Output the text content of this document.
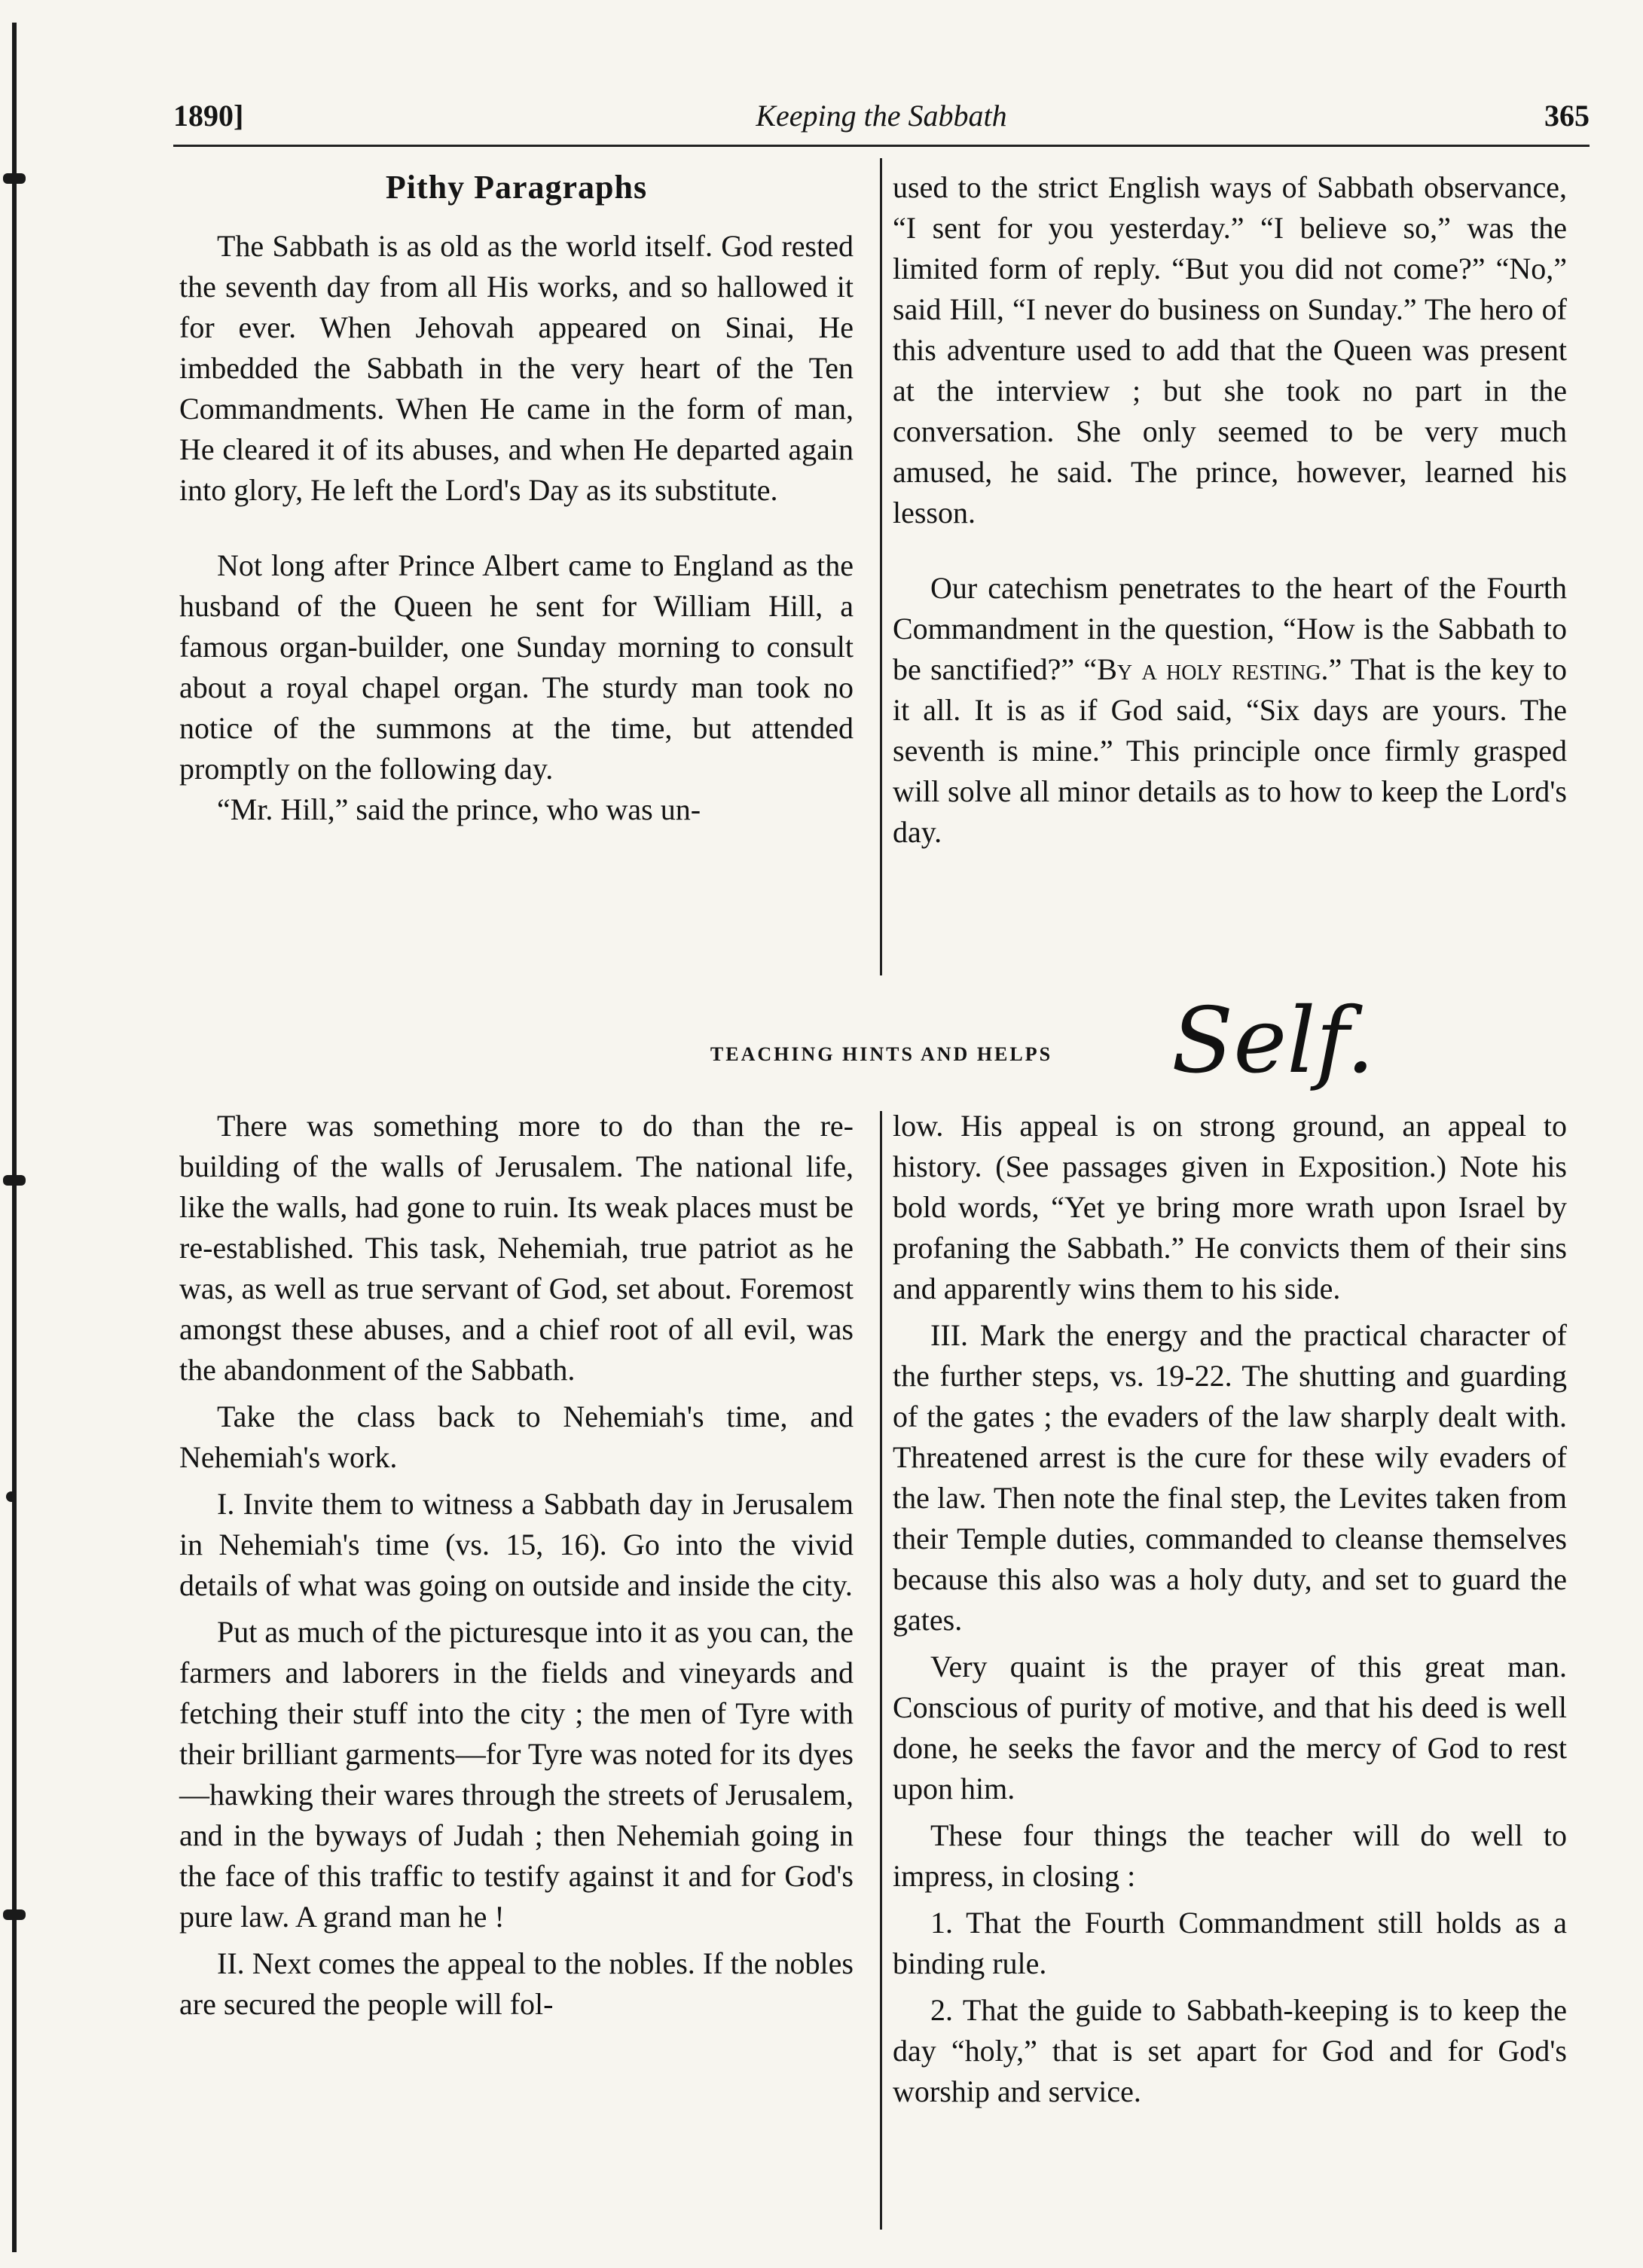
1890]	Keeping the Sabbath	365
Pithy Paragraphs

The Sabbath is as old as the world itself. God rested the seventh day from all His works, and so hallowed it for ever. When Jehovah appeared on Sinai, He imbedded the Sabbath in the very heart of the Ten Commandments. When He came in the form of man, He cleared it of its abuses, and when He departed again into glory, He left the Lord's Day as its substitute.

Not long after Prince Albert came to England as the husband of the Queen he sent for William Hill, a famous organ-builder, one Sunday morning to consult about a royal chapel organ. The sturdy man took no notice of the summons at the time, but attended promptly on the following day.

“Mr. Hill,” said the prince, who was un-

used to the strict English ways of Sabbath observance, “I sent for you yesterday.” “I believe so,” was the limited form of reply. “But you did not come?” “No,” said Hill, “I never do business on Sunday.” The hero of this adventure used to add that the Queen was present at the interview ; but she took no part in the conversation. She only seemed to be very much amused, he said. The prince, however, learned his lesson.

Our catechism penetrates to the heart of the Fourth Commandment in the question, “How is the Sabbath to be sanctified?” “By a holy resting.” That is the key to it all. It is as if God said, “Six days are yours. The seventh is mine.” This principle once firmly grasped will solve all minor details as to how to keep the Lord's day.

TEACHING HINTS AND HELPS	Self.

There was something more to do than the re-building of the walls of Jerusalem. The national life, like the walls, had gone to ruin. Its weak places must be re-established. This task, Nehemiah, true patriot as he was, as well as true servant of God, set about. Foremost amongst these abuses, and a chief root of all evil, was the abandonment of the Sabbath.

Take the class back to Nehemiah's time, and Nehemiah's work.

I. Invite them to witness a Sabbath day in Jerusalem in Nehemiah's time (vs. 15, 16). Go into the vivid details of what was going on outside and inside the city.

Put as much of the picturesque into it as you can, the farmers and laborers in the fields and vineyards and fetching their stuff into the city ; the men of Tyre with their brilliant garments—for Tyre was noted for its dyes—hawking their wares through the streets of Jerusalem, and in the byways of Judah ; then Nehemiah going in the face of this traffic to testify against it and for God's pure law. A grand man he !

II. Next comes the appeal to the nobles. If the nobles are secured the people will fol-

low. His appeal is on strong ground, an appeal to history. (See passages given in Exposition.) Note his bold words, “Yet ye bring more wrath upon Israel by profaning the Sabbath.” He convicts them of their sins and apparently wins them to his side.

III. Mark the energy and the practical character of the further steps, vs. 19-22. The shutting and guarding of the gates ; the evaders of the law sharply dealt with. Threatened arrest is the cure for these wily evaders of the law. Then note the final step, the Levites taken from their Temple duties, commanded to cleanse themselves because this also was a holy duty, and set to guard the gates.

Very quaint is the prayer of this great man. Conscious of purity of motive, and that his deed is well done, he seeks the favor and the mercy of God to rest upon him.

These four things the teacher will do well to impress, in closing :

1. That the Fourth Commandment still holds as a binding rule.

2. That the guide to Sabbath-keeping is to keep the day “holy,” that is set apart for God and for God's worship and service.
